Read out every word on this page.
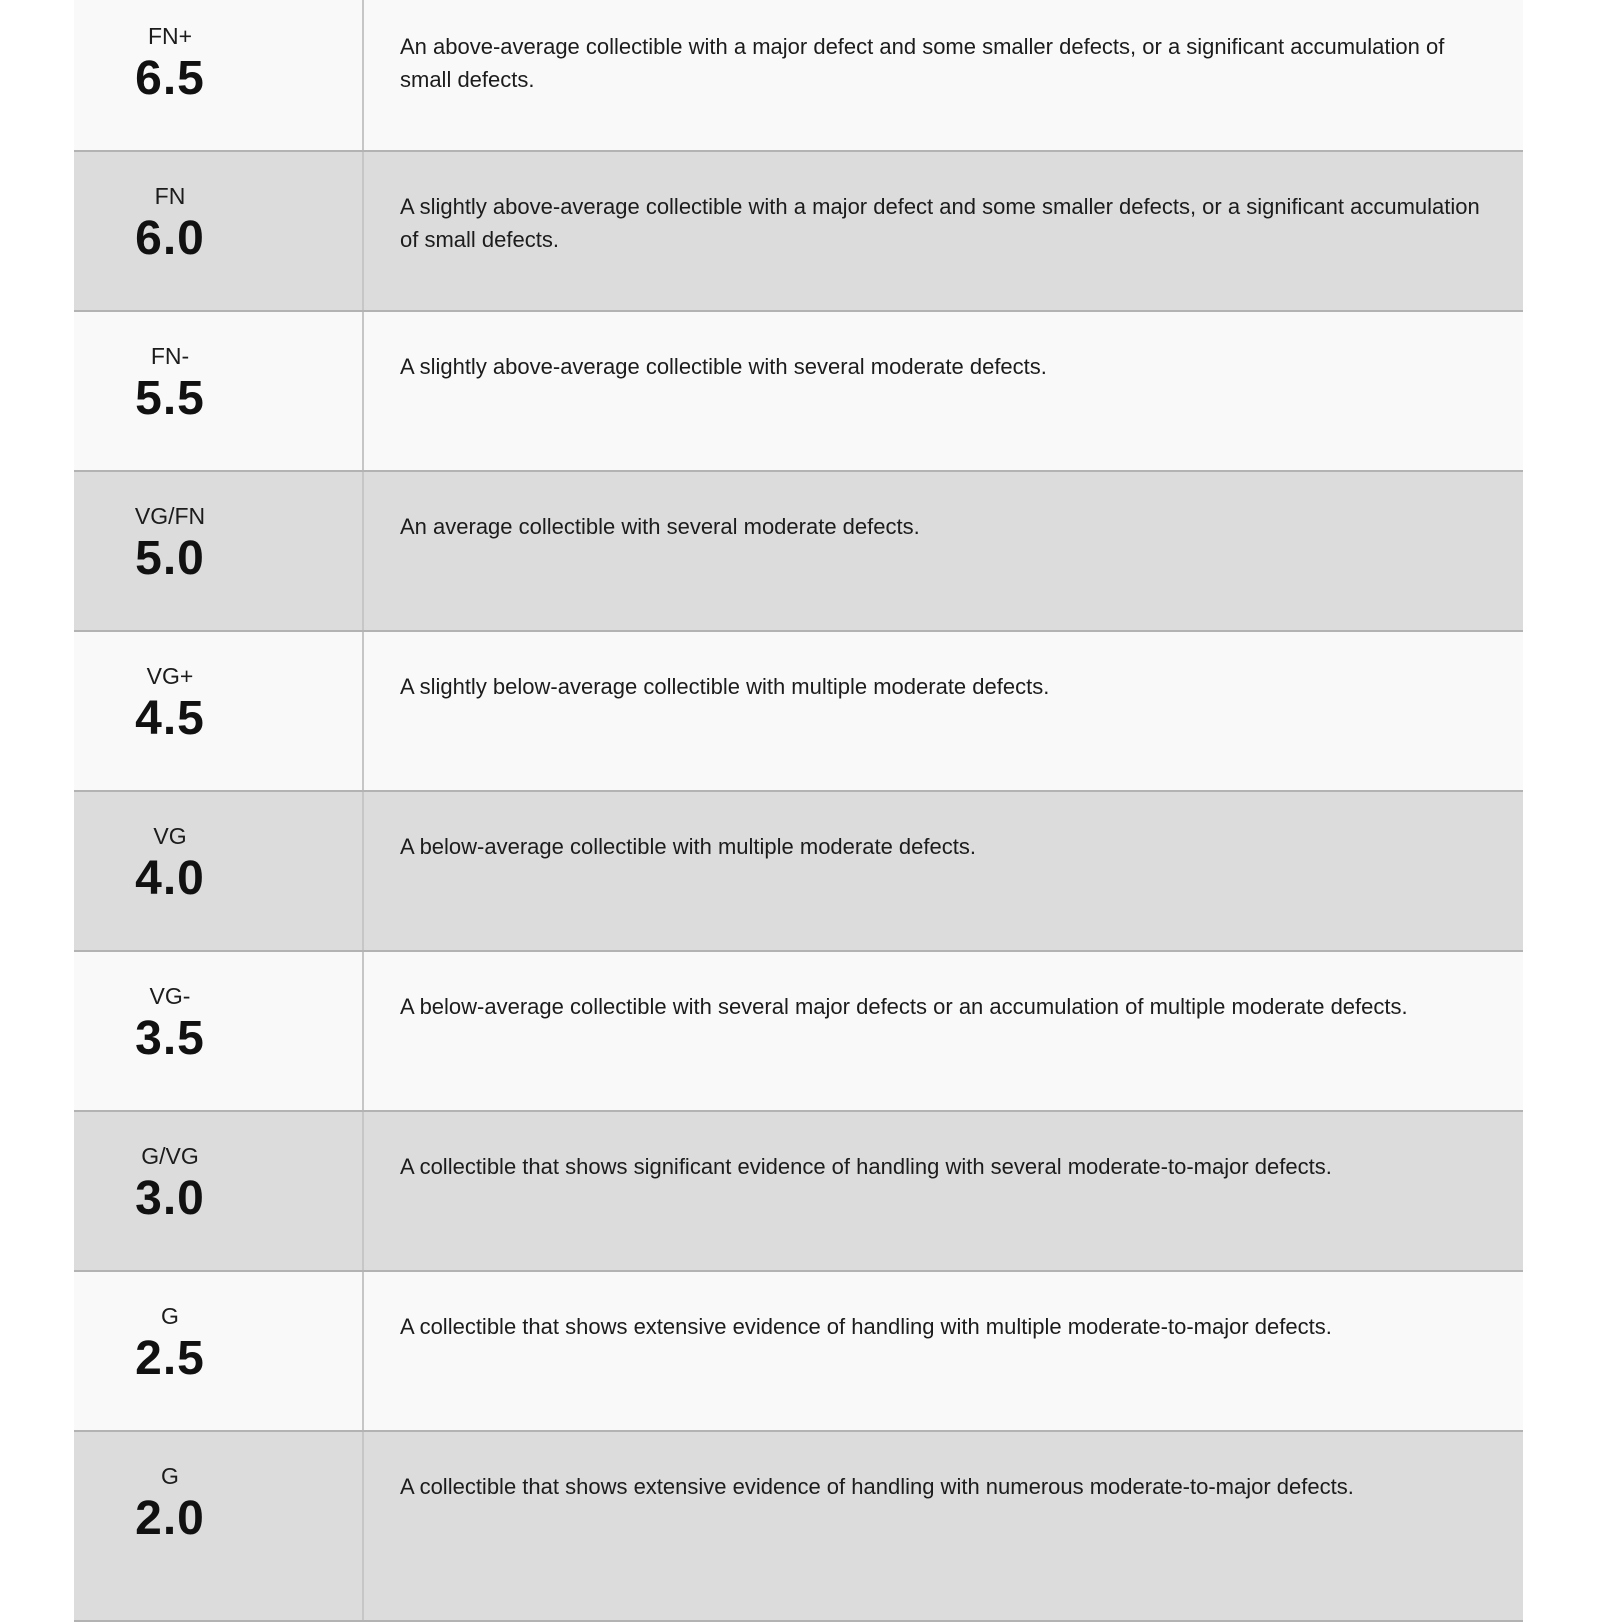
FN+
6.5
An above-average collectible with a major defect and some smaller defects, or a significant accumulation of small defects.
FN
6.0
A slightly above-average collectible with a major defect and some smaller defects, or a significant accumulation of small defects.
FN-
5.5
A slightly above-average collectible with several moderate defects.
VG/FN
5.0
An average collectible with several moderate defects.
VG+
4.5
A slightly below-average collectible with multiple moderate defects.
VG
4.0
A below-average collectible with multiple moderate defects.
VG-
3.5
A below-average collectible with several major defects or an accumulation of multiple moderate defects.
G/VG
3.0
A collectible that shows significant evidence of handling with several moderate-to-major defects.
G
2.5
A collectible that shows extensive evidence of handling with multiple moderate-to-major defects.
G
2.0
A collectible that shows extensive evidence of handling with numerous moderate-to-major defects.
